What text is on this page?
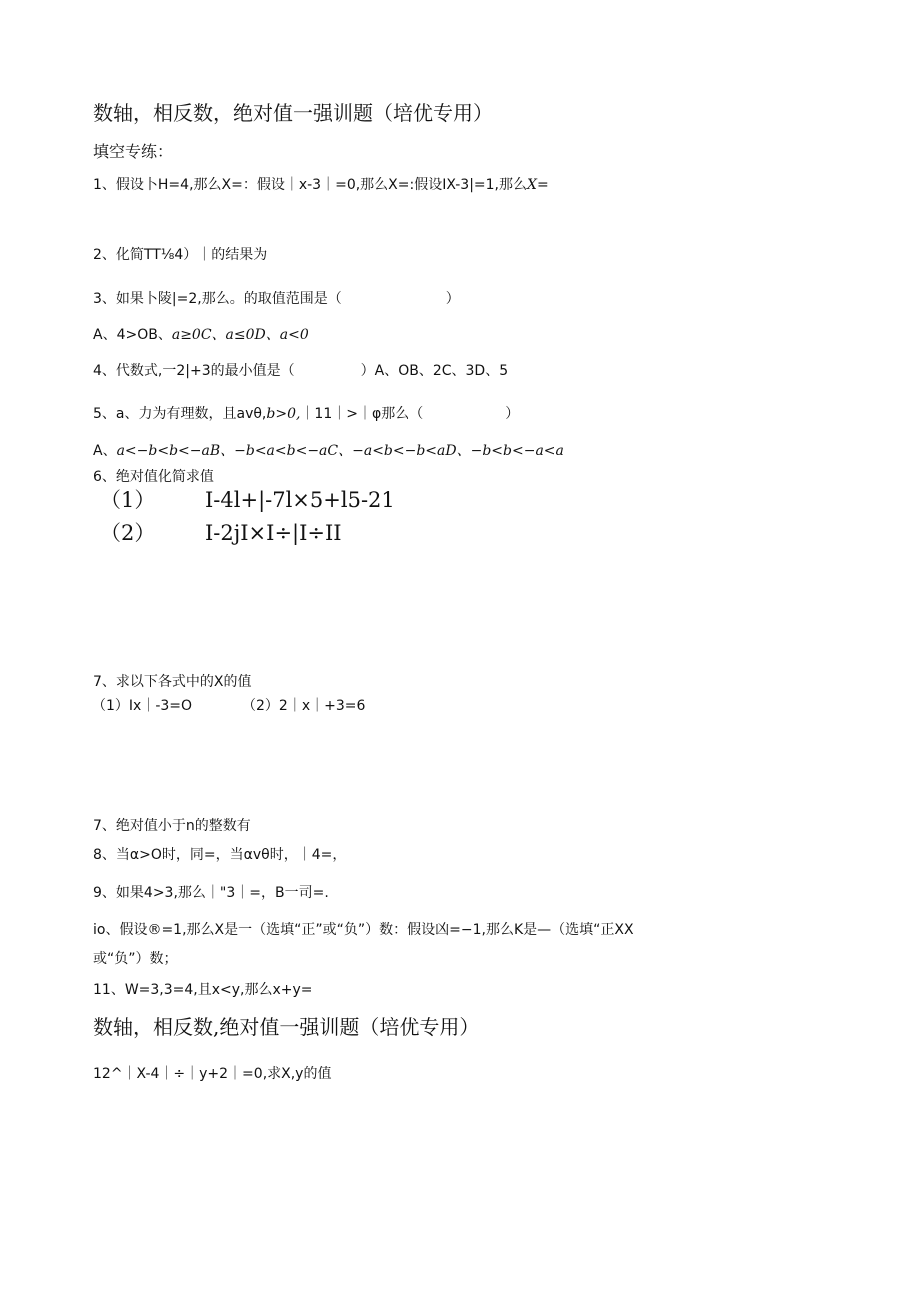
数轴，相反数，绝对值一强训题（培优专用）
填空专练：
1、假设卜H=4,那么X=：假设｜x-3｜=0,那么X=:假设IX-3|=1,那么X=
2、化简TT⅛4）｜的结果为
3、如果卜陵|=2,那么。的取值范围是（	）
A、4>OB、a≥0C、a≤0D、a<0
4、代数式,一2|+3的最小值是（	）A、OB、2C、3D、5
5、a、力为有理数，且avθ,b>0,｜11｜>｜φ那么（	）
A、a<−b<b<−aB、−b<a<b<−aC、−a<b<−b<aD、−b<b<−a<a
6、绝对值化简求值
（1） I-4l+|-7l×5+l5-21
（2） I-2jI×I÷|I÷II
7、求以下各式中的X的值
（1）Ix｜-3=O	（2）2｜x｜+3=6
7、绝对值小于n的整数有
8、当α>O时，同=，当αvθ时，｜4=，
9、如果4>3,那么｜"3｜=，B一司=.
io、假设®=1,那么X是一（选填“正”或“负”）数：假设凶=−1,那么K是—（选填“正XX
或“负”）数；
11、W=3,3=4,且x<y,那么x+y=
数轴，相反数,绝对值一强训题（培优专用）
12^｜X-4｜÷｜y+2｜=0,求X,y的值
